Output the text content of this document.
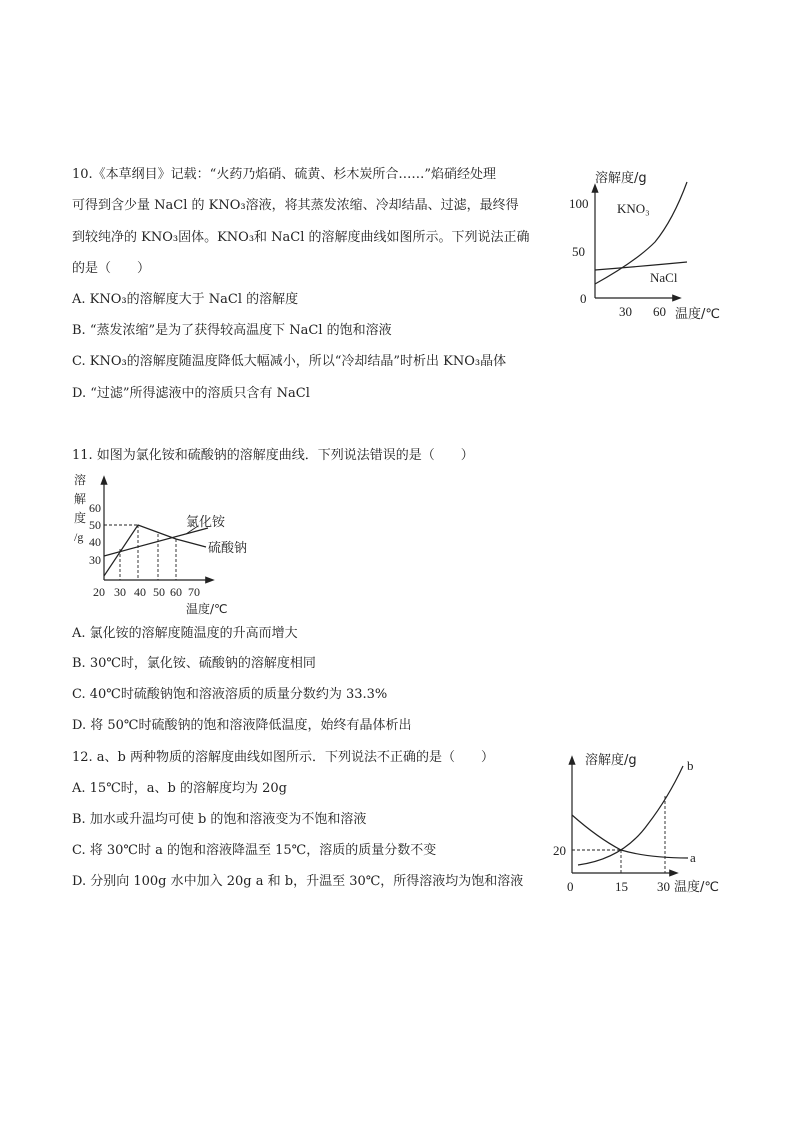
10.《本草纲目》记载：“火药乃焰硝、硫黄、杉木炭所合……”焰硝经处理
可得到含少量 NaCl 的 KNO₃溶液，将其蒸发浓缩、冷却结晶、过滤，最终得
到较纯净的 KNO₃固体。KNO₃和 NaCl 的溶解度曲线如图所示。下列说法正确
的是（　　）
A. KNO₃的溶解度大于 NaCl 的溶解度
B. “蒸发浓缩”是为了获得较高温度下 NaCl 的饱和溶液
C. KNO₃的溶解度随温度降低大幅减小，所以“冷却结晶”时析出 KNO₃晶体
D. “过滤”所得滤液中的溶质只含有 NaCl
溶解度/g
100
50
0
30 60 温度/℃
KNO₃
NaCl
11. 如图为氯化铵和硫酸钠的溶解度曲线．下列说法错误的是（　　）
A. 氯化铵的溶解度随温度的升高而增大
B. 30℃时，氯化铵、硫酸钠的溶解度相同
C. 40℃时硫酸钠饱和溶液溶质的质量分数约为 33.3%
D. 将 50℃时硫酸钠的饱和溶液降低温度，始终有晶体析出
溶
解
度
/g
60
50
40
30
20 30 40 50 60 70
温度/℃
氯化铵
硫酸钠
12. a、b 两种物质的溶解度曲线如图所示．下列说法不正确的是（　　）
A. 15℃时，a、b 的溶解度均为 20g
B. 加水或升温均可使 b 的饱和溶液变为不饱和溶液
C. 将 30℃时 a 的饱和溶液降温至 15℃，溶质的质量分数不变
D. 分别向 100g 水中加入 20g a 和 b，升温至 30℃，所得溶液均为饱和溶液
溶解度/g
20
0	15 30 温度/℃
b
a
